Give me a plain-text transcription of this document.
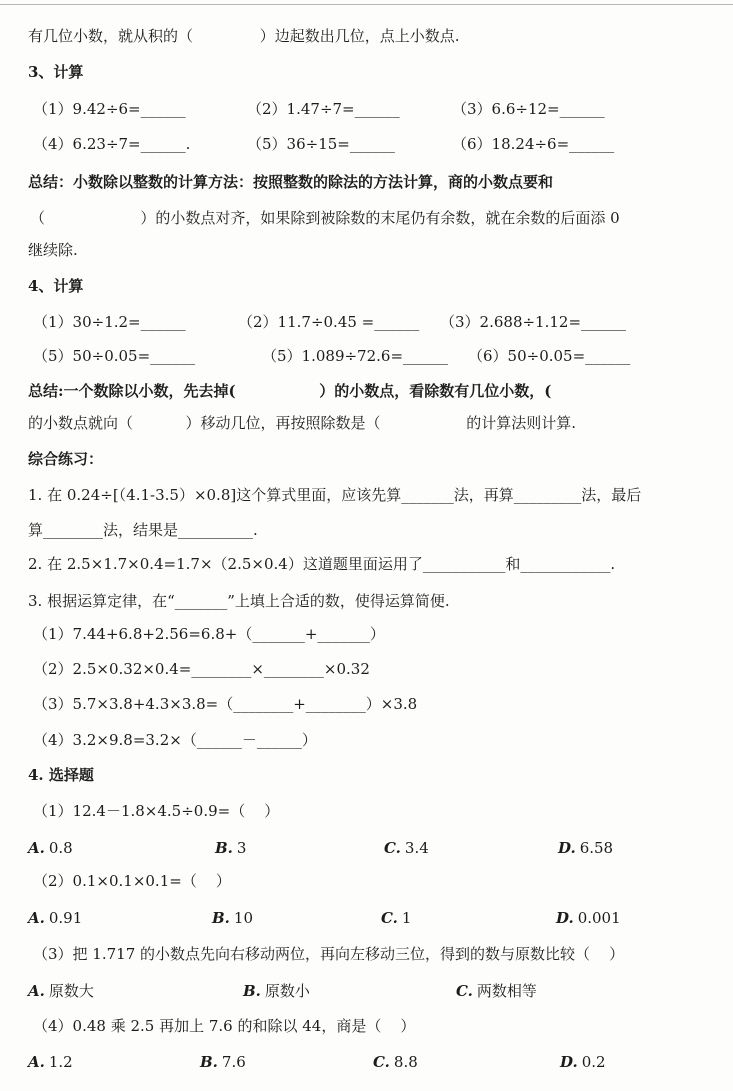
有几位小数，就从积的（              ）边起数出几位，点上小数点.
3、计算
（1）9.42÷6=______	（2）1.47÷7=______	（3）6.6÷12=______
（4）6.23÷7=______.	（5）36÷15=______	（6）18.24÷6=______
总结：小数除以整数的计算方法：按照整数的除法的方法计算，商的小数点要和
（                    ）的小数点对齐，如果除到被除数的末尾仍有余数，就在余数的后面添 0
继续除.
4、计算
（1）30÷1.2=______	（2）11.7÷0.45 =______ （3）2.688÷1.12=______
（5）50÷0.05=______	（5）1.089÷72.6=______ （6）50÷0.05=______
总结:一个数除以小数，先去掉(                ）的小数点，看除数有几位小数，(
的小数点就向（           ）移动几位，再按照除数是（                  的计算法则计算.
综合练习：
1. 在 0.24÷[（4.1-3.5）×0.8]这个算式里面，应该先算_______法，再算_________法，最后
算________法，结果是__________.
2. 在 2.5×1.7×0.4=1.7×（2.5×0.4）这道题里面运用了___________和____________.
3. 根据运算定律，在“_______”上填上合适的数，使得运算简便.
（1）7.44+6.8+2.56=6.8+（_______+_______）
（2）2.5×0.32×0.4=________×________×0.32
（3）5.7×3.8+4.3×3.8=（________+________）×3.8
（4）3.2×9.8=3.2×（______－______）
4. 选择题
（1）12.4－1.8×4.5÷0.9=（    ）
A. 0.8	B. 3	C. 3.4	D. 6.58
（2）0.1×0.1×0.1=（    ）
A. 0.91	B. 10	C. 1	D. 0.001
（3）把 1.717 的小数点先向右移动两位，再向左移动三位，得到的数与原数比较（    ）
A. 原数大	B. 原数小	C. 两数相等
（4）0.48 乘 2.5 再加上 7.6 的和除以 44，商是（    ）
A. 1.2	B. 7.6	C. 8.8	D. 0.2
